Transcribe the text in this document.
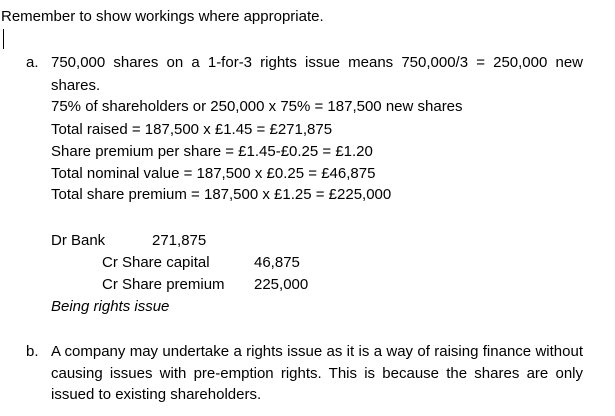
Remember to show workings where appropriate.
a. 750,000 shares on a 1-for-3 rights issue means 750,000/3 = 250,000 new
shares.
75% of shareholders or 250,000 x 75% = 187,500 new shares
Total raised = 187,500 x £1.45 = £271,875
Share premium per share = £1.45-£0.25 = £1.20
Total nominal value = 187,500 x £0.25 = £46,875
Total share premium = 187,500 x £1.25 = £225,000
Dr Bank	271,875
Cr Share capital	46,875
Cr Share premium 225,000
Being rights issue
b. A company may undertake a rights issue as it is a way of raising finance without
causing issues with pre-emption rights. This is because the shares are only
issued to existing shareholders.
